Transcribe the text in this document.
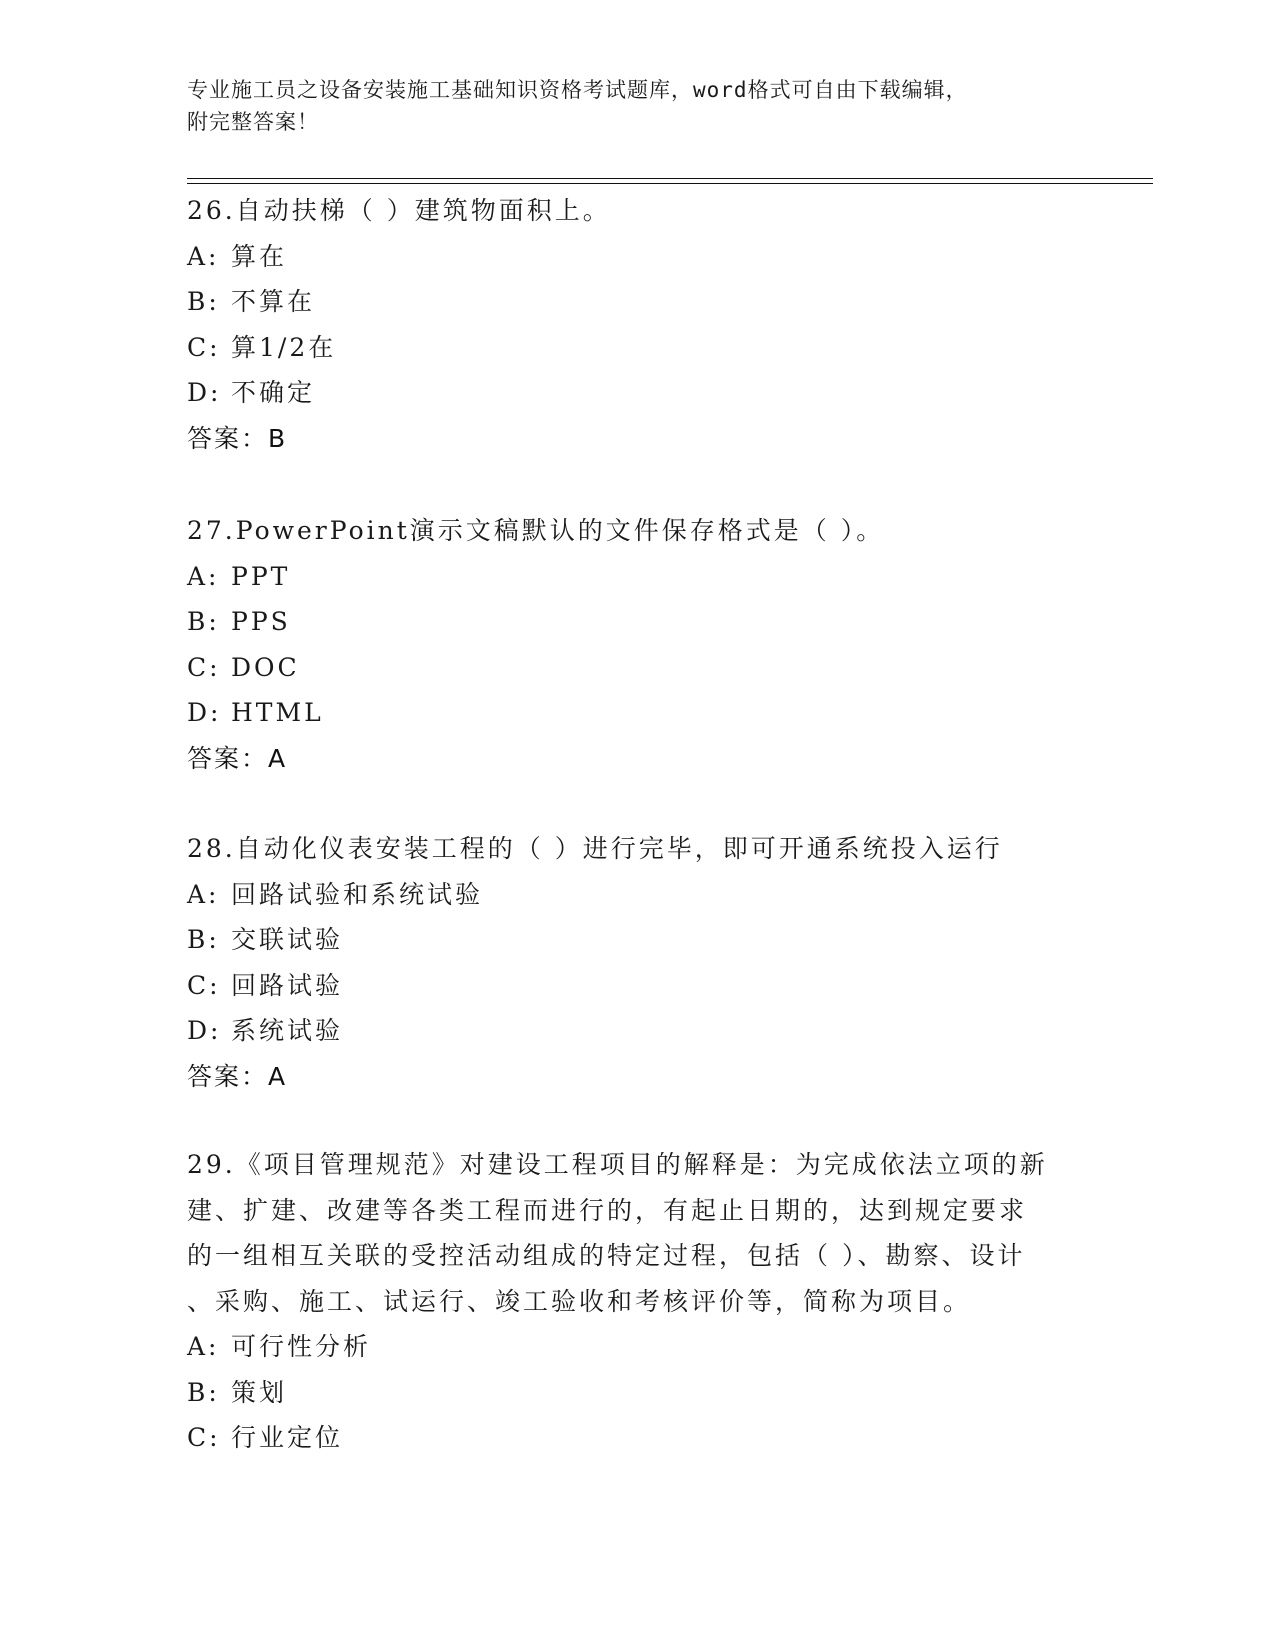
专业施工员之设备安装施工基础知识资格考试题库，word格式可自由下载编辑，
附完整答案！

26.自动扶梯（ ）建筑物面积上。

A: 算在
B: 不算在
C: 算1/2在
D: 不确定
答案：B

27.PowerPoint演示文稿默认的文件保存格式是（ ）。

A: PPT
B: PPS
C: DOC
D: HTML
答案：A

28.自动化仪表安装工程的（ ）进行完毕，即可开通系统投入运行

A: 回路试验和系统试验
B: 交联试验
C: 回路试验
D: 系统试验
答案：A

29.《项目管理规范》对建设工程项目的解释是：为完成依法立项的新

建、扩建、改建等各类工程而进行的，有起止日期的，达到规定要求

的一组相互关联的受控活动组成的特定过程，包括（ ）、勘察、设计

、采购、施工、试运行、竣工验收和考核评价等，简称为项目。

A: 可行性分析
B: 策划
C: 行业定位
